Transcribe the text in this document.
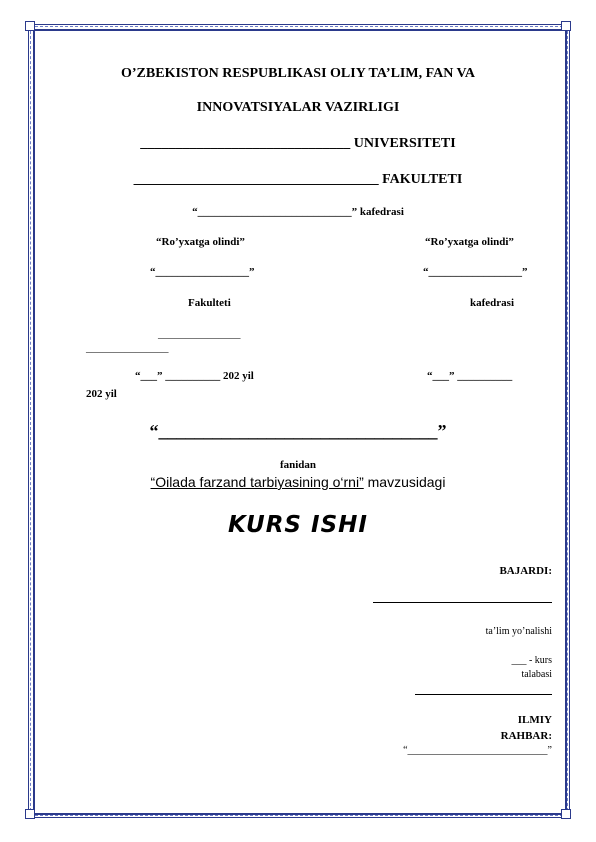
O’ZBEKISTON RESPUBLIKASI OLIY TA’LIM, FAN VA
INNOVATSIYALAR VAZIRLIGI
______________________________ UNIVERSITETI
___________________________________ FAKULTETI
“____________________________” kafedrasi
“Ro’yxatga olindi”	“Ro’yxatga olindi”
“_________________”	“_________________”
Fakulteti	kafedrasi
_______________
_______________
“___” __________ 202 yil	“___” __________
202 yil
“_______________________________”
fanidan
“Oilada farzand tarbiyasining o‘rni” mavzusidagi
KURS ISHI
BAJARDI:
ta’lim yo’nalishi
___ - kurs
talabasi
ILMIY
RAHBAR:
“____________________________”
